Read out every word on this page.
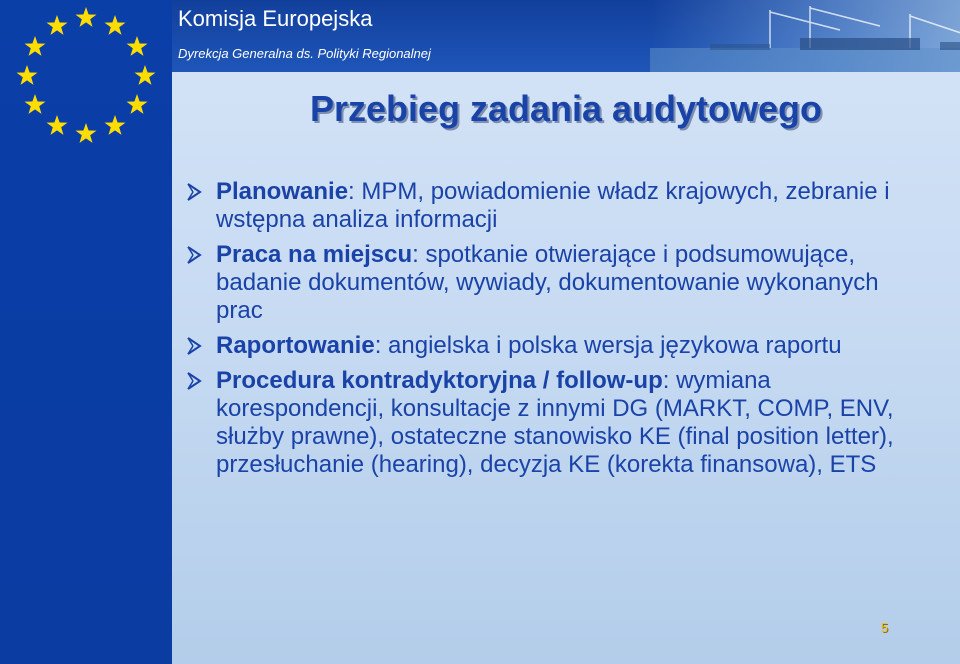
Komisja Europejska

Dyrekcja Generalna ds. Polityki Regionalnej

Przebieg zadania audytowego
Planowanie: MPM, powiadomienie władz krajowych, zebranie i wstępna analiza informacji
Praca na miejscu: spotkanie otwierające i podsumowujące, badanie dokumentów, wywiady, dokumentowanie wykonanych prac
Raportowanie: angielska i polska wersja językowa raportu
Procedura kontradyktoryjna / follow-up: wymiana korespondencji, konsultacje z innymi DG (MARKT, COMP, ENV, służby prawne), ostateczne stanowisko KE (final position letter), przesłuchanie (hearing), decyzja KE (korekta finansowa), ETS
5
